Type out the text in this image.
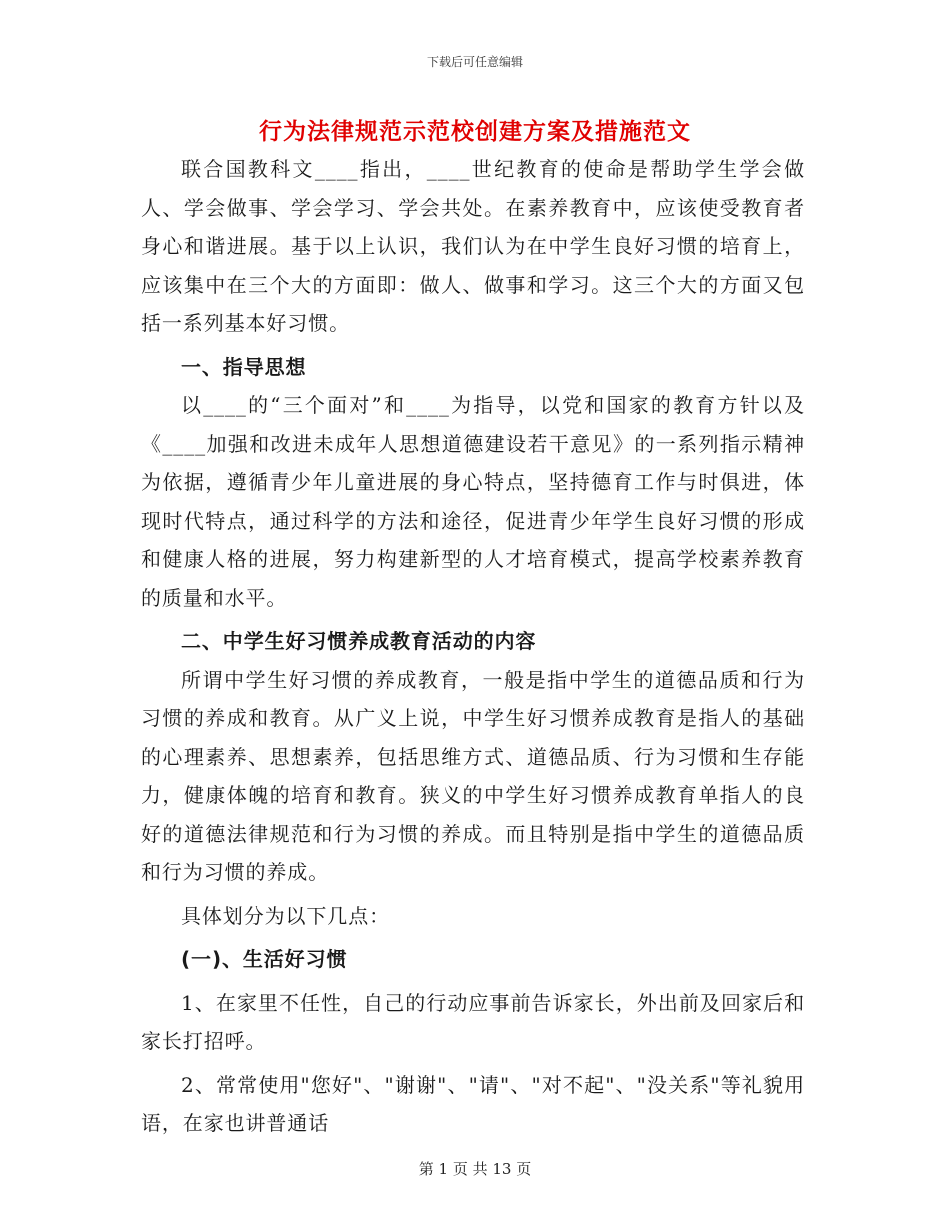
下载后可任意编辑
行为法律规范示范校创建方案及措施范文

联合国教科文____指出，____世纪教育的使命是帮助学生学会做人、学会做事、学会学习、学会共处。在素养教育中，应该使受教育者身心和谐进展。基于以上认识，我们认为在中学生良好习惯的培育上，应该集中在三个大的方面即：做人、做事和学习。这三个大的方面又包括一系列基本好习惯。

一、指导思想

以____的“三个面对”和____为指导，以党和国家的教育方针以及《____加强和改进未成年人思想道德建设若干意见》的一系列指示精神为依据，遵循青少年儿童进展的身心特点，坚持德育工作与时俱进，体现时代特点，通过科学的方法和途径，促进青少年学生良好习惯的形成和健康人格的进展，努力构建新型的人才培育模式，提高学校素养教育的质量和水平。

二、中学生好习惯养成教育活动的内容

所谓中学生好习惯的养成教育，一般是指中学生的道德品质和行为习惯的养成和教育。从广义上说，中学生好习惯养成教育是指人的基础的心理素养、思想素养，包括思维方式、道德品质、行为习惯和生存能力，健康体魄的培育和教育。狭义的中学生好习惯养成教育单指人的良好的道德法律规范和行为习惯的养成。而且特别是指中学生的道德品质和行为习惯的养成。

具体划分为以下几点：

(一)、生活好习惯

1、在家里不任性，自己的行动应事前告诉家长，外出前及回家后和家长打招呼。

2、常常使用"您好"、"谢谢"、"请"、"对不起"、"没关系"等礼貌用语，在家也讲普通话

第 1 页 共 13 页
